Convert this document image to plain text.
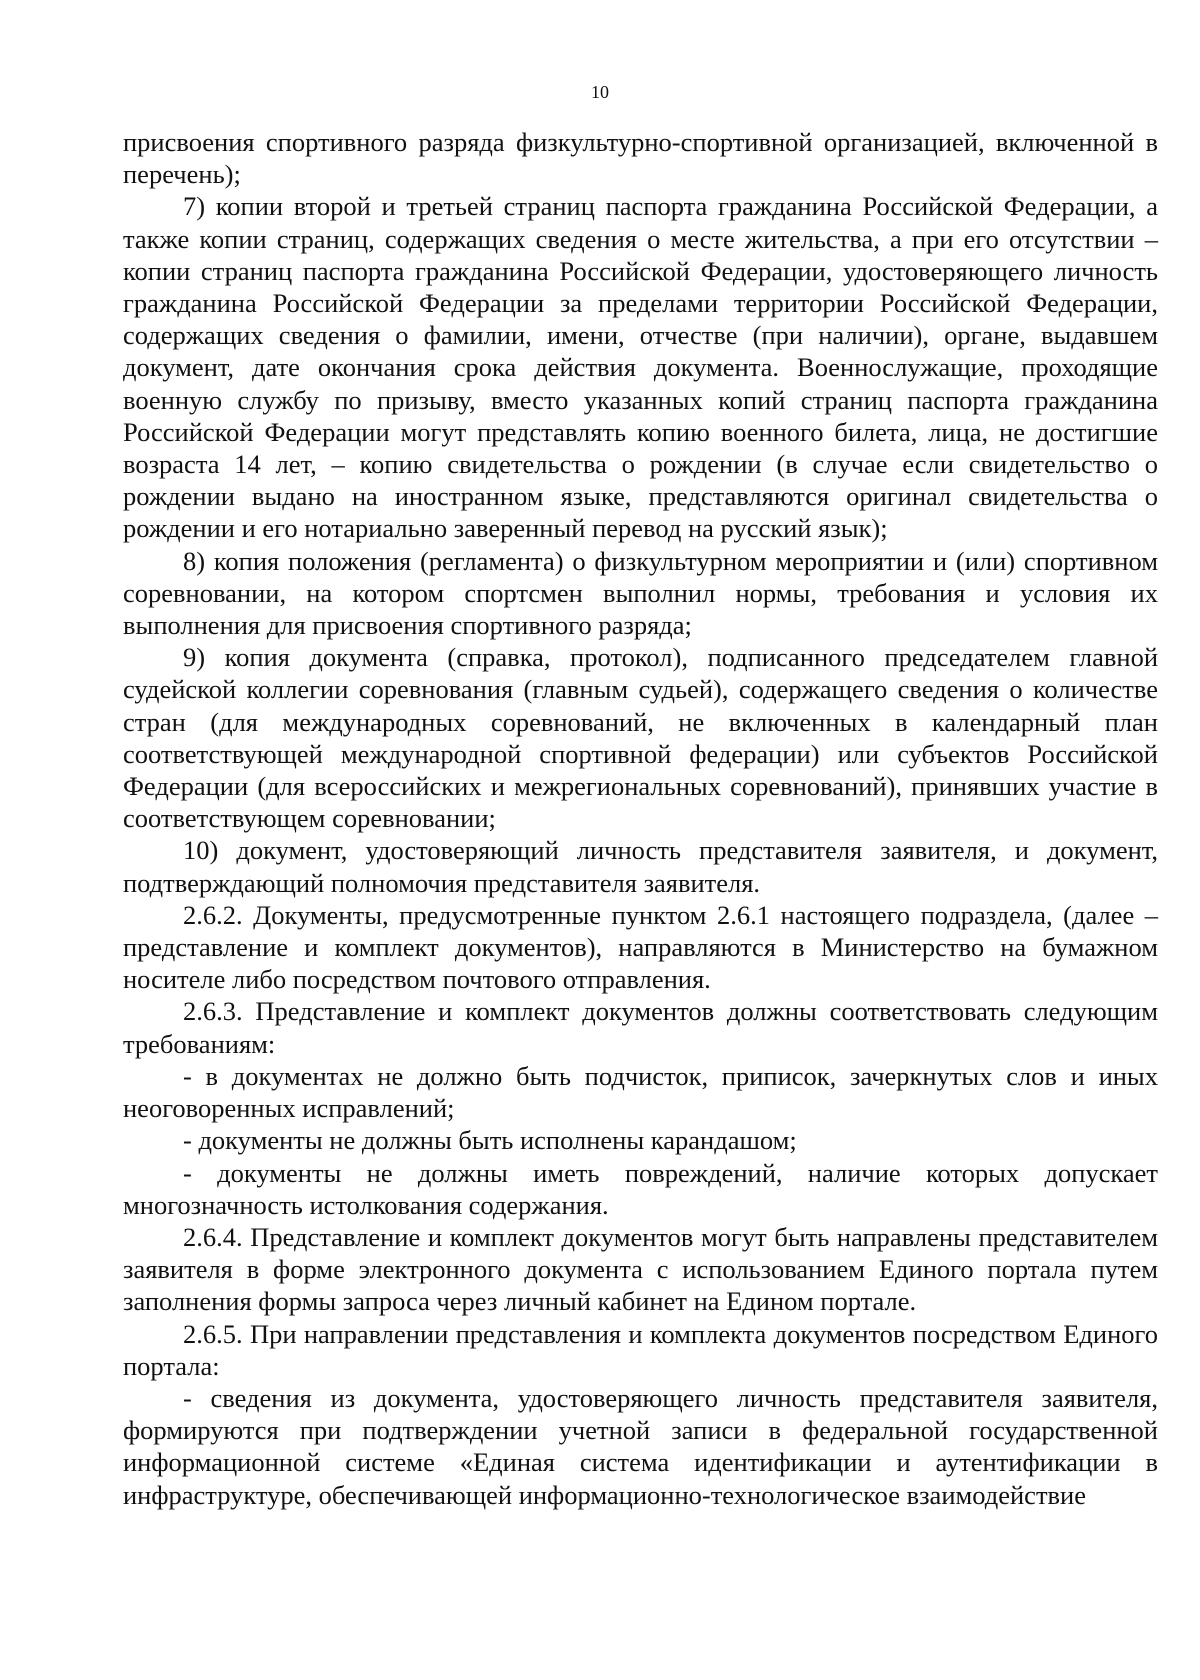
10

присвоения спортивного разряда физкультурно-спортивной организацией, включенной в перечень);

7) копии второй и третьей страниц паспорта гражданина Российской Федерации, а также копии страниц, содержащих сведения о месте жительства, а при его отсутствии – копии страниц паспорта гражданина Российской Федерации, удостоверяющего личность гражданина Российской Федерации за пределами территории Российской Федерации, содержащих сведения о фамилии, имени, отчестве (при наличии), органе, выдавшем документ, дате окончания срока действия документа. Военнослужащие, проходящие военную службу по призыву, вместо указанных копий страниц паспорта гражданина Российской Федерации могут представлять копию военного билета, лица, не достигшие возраста 14 лет, – копию свидетельства о рождении (в случае если свидетельство о рождении выдано на иностранном языке, представляются оригинал свидетельства о рождении и его нотариально заверенный перевод на русский язык);

8) копия положения (регламента) о физкультурном мероприятии и (или) спортивном соревновании, на котором спортсмен выполнил нормы, требования и условия их выполнения для присвоения спортивного разряда;

9) копия документа (справка, протокол), подписанного председателем главной судейской коллегии соревнования (главным судьей), содержащего сведения о количестве стран (для международных соревнований, не включенных в календарный план соответствующей международной спортивной федерации) или субъектов Российской Федерации (для всероссийских и межрегиональных соревнований), принявших участие в соответствующем соревновании;

10) документ, удостоверяющий личность представителя заявителя, и документ, подтверждающий полномочия представителя заявителя.

2.6.2. Документы, предусмотренные пунктом 2.6.1 настоящего подраздела, (далее – представление и комплект документов), направляются в Министерство на бумажном носителе либо посредством почтового отправления.

2.6.3. Представление и комплект документов должны соответствовать следующим требованиям:

- в документах не должно быть подчисток, приписок, зачеркнутых слов и иных неоговоренных исправлений;

- документы не должны быть исполнены карандашом;

- документы не должны иметь повреждений, наличие которых допускает многозначность истолкования содержания.

2.6.4. Представление и комплект документов могут быть направлены представителем заявителя в форме электронного документа с использованием Единого портала путем заполнения формы запроса через личный кабинет на Едином портале.

2.6.5. При направлении представления и комплекта документов посредством Единого портала:

- сведения из документа, удостоверяющего личность представителя заявителя, формируются при подтверждении учетной записи в федеральной государственной информационной системе «Единая система идентификации и аутентификации в инфраструктуре, обеспечивающей информационно-технологическое взаимодействие
